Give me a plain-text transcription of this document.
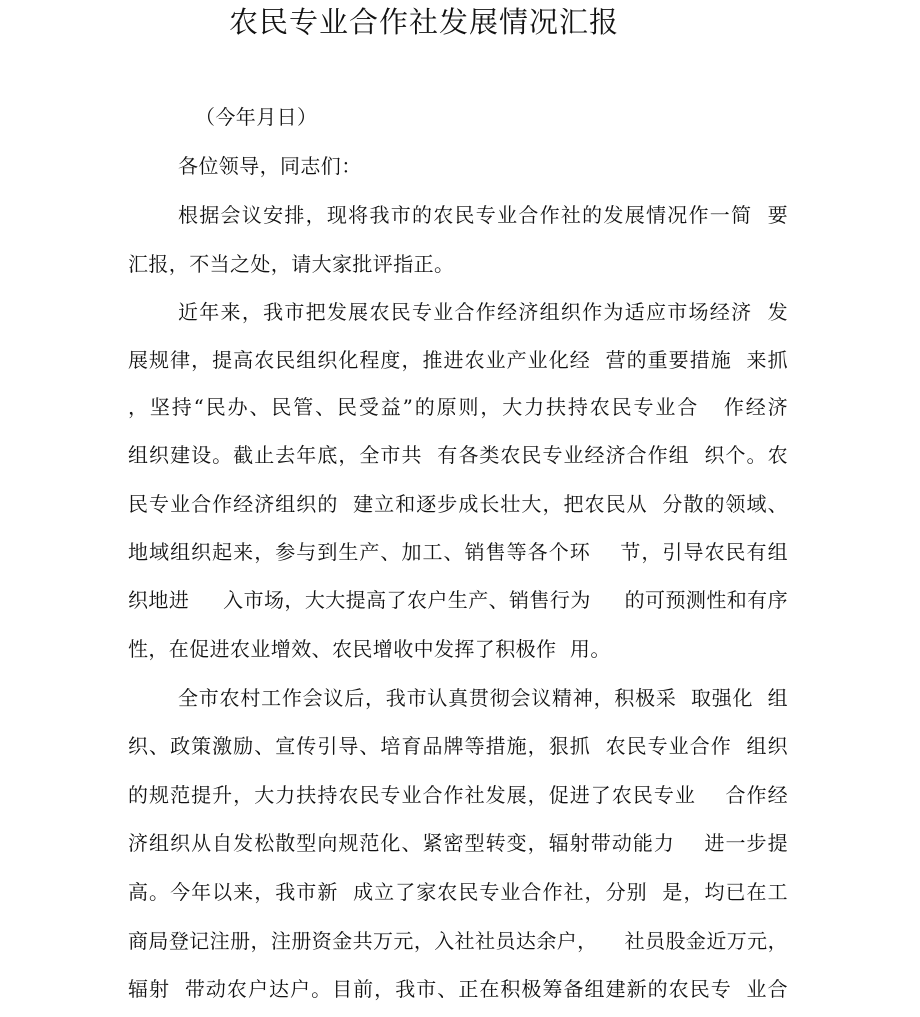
农民专业合作社发展情况汇报
（今年月日）
各位领导，同志们：
根据会议安排，现将我市的农民专业合作社的发展情况作一简  要
汇报，不当之处，请大家批评指正。
近年来，我市把发展农民专业合作经济组织作为适应市场经济  发
展规律，提高农民组织化程度，推进农业产业化经  营的重要措施  来抓
，坚持“民办、民管、民受益”的原则，大力扶持农民专业合   作经济
组织建设。截止去年底，全市共  有各类农民专业经济合作组  织个。农
民专业合作经济组织的  建立和逐步成长壮大，把农民从  分散的领域、
地域组织起来，参与到生产、加工、销售等各个环    节，引导农民有组
织地进     入市场，大大提高了农户生产、销售行为     的可预测性和有序
性，在促进农业增效、农民增收中发挥了积极作  用。
全市农村工作会议后，我市认真贯彻会议精神，积极采  取强化  组
织、政策激励、宣传引导、培育品牌等措施，狠抓  农民专业合作  组织
的规范提升，大力扶持农民专业合作社发展，促进了农民专业    合作经
济组织从自发松散型向规范化、紧密型转变，辐射带动能力    进一步提
高。今年以来，我市新  成立了家农民专业合作社，分别  是，均已在工
商局登记注册，注册资金共万元，入社社员达余户，    社员股金近万元，
辐射  带动农户达户。目前，我市、正在积极筹备组建新的农民专  业合
